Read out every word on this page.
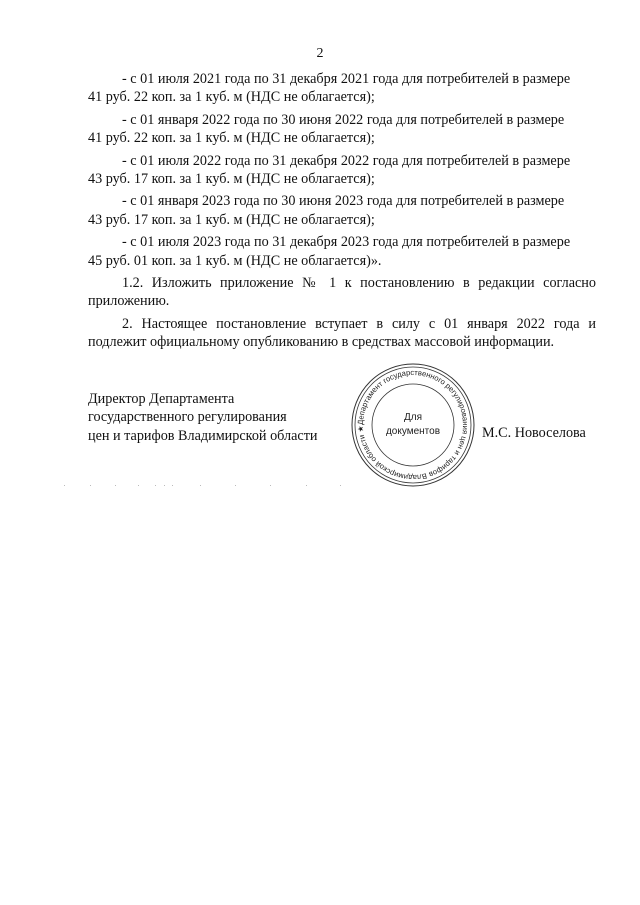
2

- с 01 июля 2021 года по 31 декабря 2021 года для потребителей в размере
41 руб. 22 коп. за 1 куб. м (НДС не облагается);

- с 01 января 2022 года по 30 июня 2022 года для потребителей в размере
41 руб. 22 коп. за 1 куб. м (НДС не облагается);

- с 01 июля 2022 года по 31 декабря 2022 года для потребителей в размере
43 руб. 17 коп. за 1 куб. м (НДС не облагается);

- с 01 января 2023 года по 30 июня 2023 года для потребителей в размере
43 руб. 17 коп. за 1 куб. м (НДС не облагается);

- с 01 июля 2023 года по 31 декабря 2023 года для потребителей в размере
45 руб. 01 коп. за 1 куб. м (НДС не облагается)».

1.2. Изложить приложение № 1 к постановлению в редакции согласно приложению.

2. Настоящее постановление вступает в силу с 01 января 2022 года и подлежит официальному опубликованию в средствах массовой информации.

Директор Департамента
государственного регулирования
цен и тарифов Владимирской области
Департамент государственного регулирования цен и тарифов Владимирской области ★
Для
документов	М.С. Новоселова
